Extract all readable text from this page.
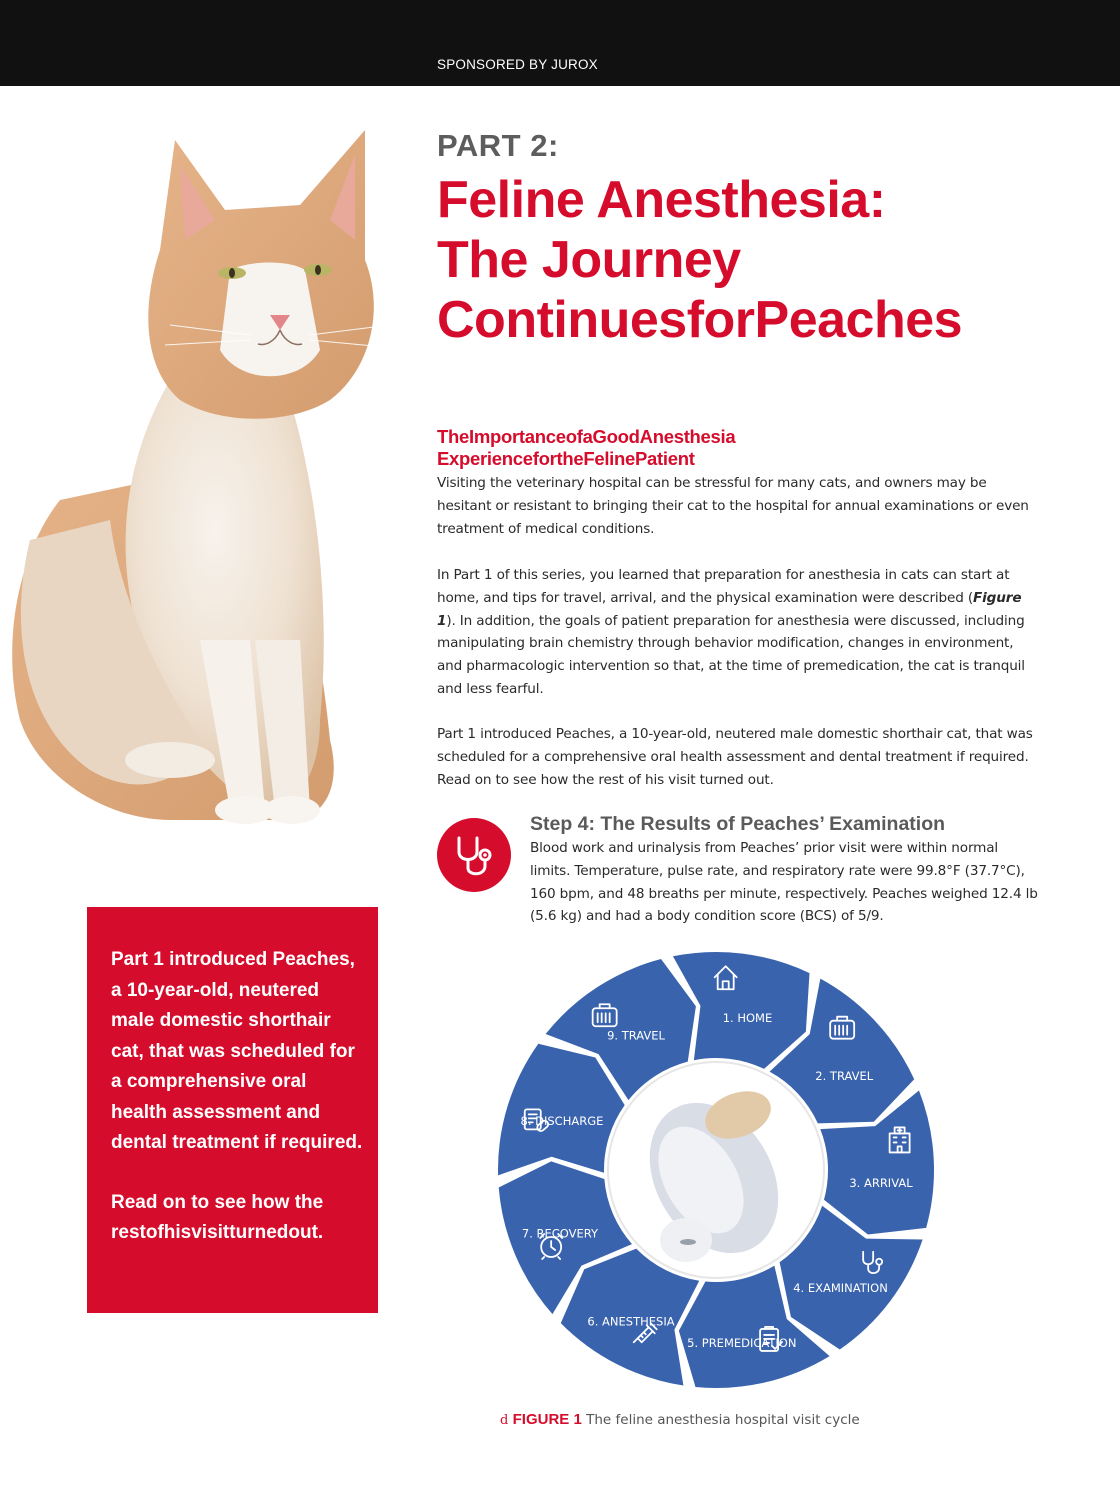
SPONSORED BY JUROX
PART 2:
Feline Anesthesia:
The Journey
ContinuesforPeaches
TheImportanceofaGoodAnesthesia
ExperiencefortheFelinePatient
Visiting the veterinary hospital can be stressful for many cats, and owners may be hesitant or resistant to bringing their cat to the hospital for annual examinations or even treatment of medical conditions.
In Part 1 of this series, you learned that preparation for anesthesia in cats can start at home, and tips for travel, arrival, and the physical examination were described (Figure 1). In addition, the goals of patient preparation for anesthesia were discussed, including manipulating brain chemistry through behavior modification, changes in environment, and pharmacologic intervention so that, at the time of premedication, the cat is tranquil and less fearful.
Part 1 introduced Peaches, a 10-year-old, neutered male domestic shorthair cat, that was scheduled for a comprehensive oral health assessment and dental treatment if required. Read on to see how the rest of his visit turned out.
Step 4: The Results of Peaches’ Examination
Blood work and urinalysis from Peaches’ prior visit were within normal limits. Temperature, pulse rate, and respiratory rate were 99.8°F (37.7°C), 160 bpm, and 48 breaths per minute, respectively. Peaches weighed 12.4 lb (5.6 kg) and had a body condition score (BCS) of 5/9.

Part 1 introduced Peaches, a 10-year-old, neutered male domestic shorthair cat, that was scheduled for a comprehensive oral health assessment and dental treatment if required.

Read on to see how the
restofhisvisitturnedout.
1. HOME
2. TRAVEL
3. ARRIVAL
4. EXAMINATION
5. PREMEDICATION
6. ANESTHESIA
7. RECOVERY
8. DISCHARGE
9. TRAVEL
d FIGURE 1 The feline anesthesia hospital visit cycle
